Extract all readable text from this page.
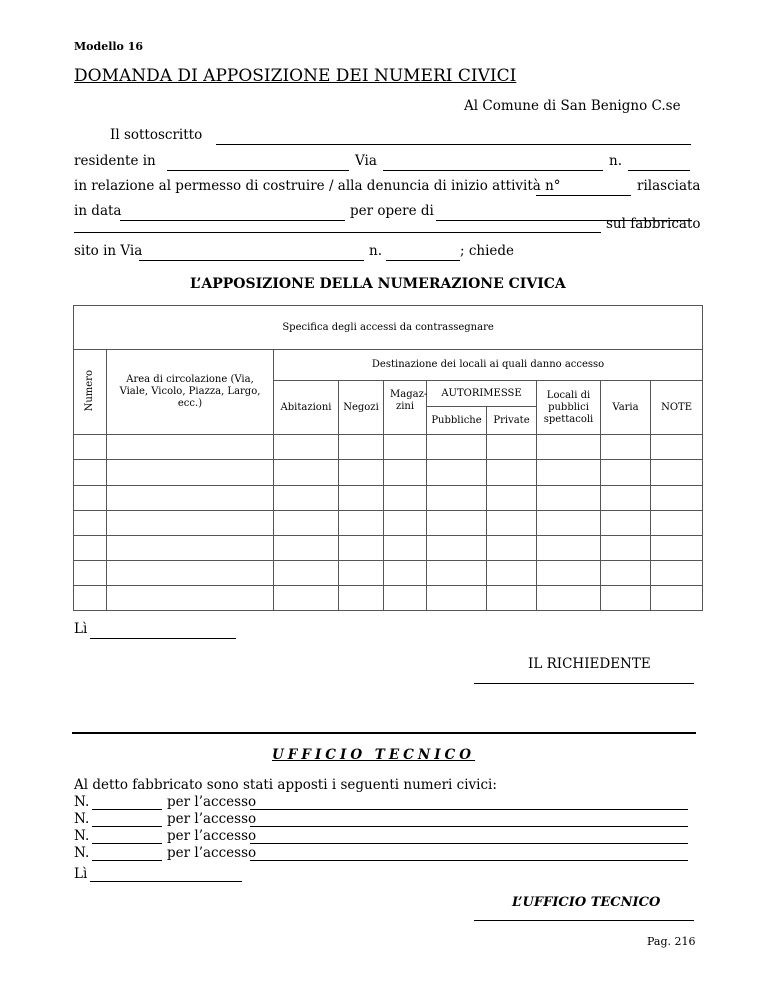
Modello 16
DOMANDA DI APPOSIZIONE DEI NUMERI CIVICI
Al Comune di San Benigno C.se
Il sottoscritto
residente in	Via	n.
in relazione al permesso di costruire / alla denuncia di inizio attività n°	rilasciata
in data	per opere di
sul fabbricato
sito in Via	n.	; chiede
L’APPOSIZIONE DELLA NUMERAZIONE CIVICA
Specifica degli accessi da contrassegnare									
Numero	Area di circolazione (Via, Viale, Vicolo, Piazza, Largo, ecc.)	Destinazione dei locali ai quali danno accesso							
		Abitazioni	Negozi	Magaz- zini	AUTORIMESSE		Locali di pubblici spettacoli	Varia	NOTE
					Pubbliche	Private			

Lì
IL RICHIEDENTE
UFFICIO TECNICO
Al detto fabbricato sono stati apposti i seguenti numeri civici:
N.	per l’accesso
N.	per l’accesso
N.	per l’accesso
N.	per l’accesso
Lì
L’UFFICIO TECNICO
Pag. 216
